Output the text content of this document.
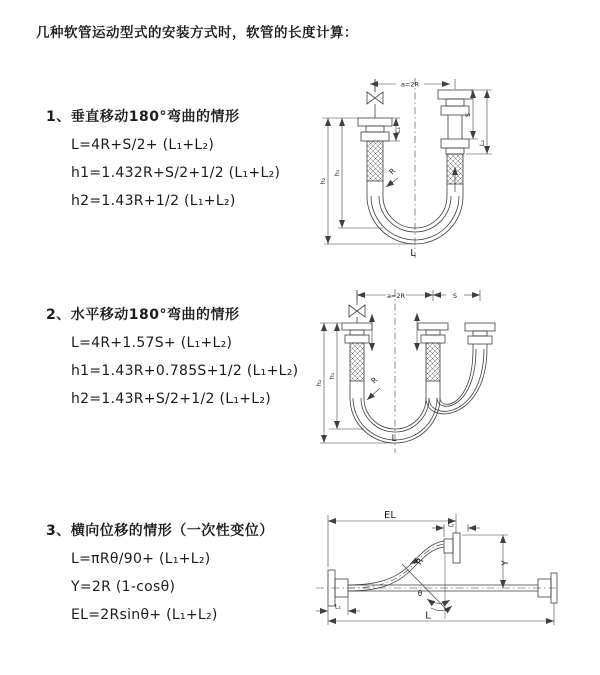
几种软管运动型式的安装方式时，软管的长度计算：
1、垂直移动180°弯曲的情形
L=4R+S/2+ (L₁+L₂)
h1=1.432R+S/2+1/2 (L₁+L₂)
h2=1.43R+1/2 (L₁+L₂)
2、水平移动180°弯曲的情形
L=4R+1.57S+ (L₁+L₂)
h1=1.43R+0.785S+1/2 (L₁+L₂)
h2=1.43R+S/2+1/2 (L₁+L₂)
3、横向位移的情形（一次性变位）
L=πRθ/90+ (L₁+L₂)
Y=2R (1-cosθ)
EL=2Rsinθ+ (L₁+L₂)
a=2R
h₂
h₁
L₁
S
L₂
R
L
a=2R	S
h₂
h₁	R
L
EL
L₂
Y
R
θ
L
L₁
